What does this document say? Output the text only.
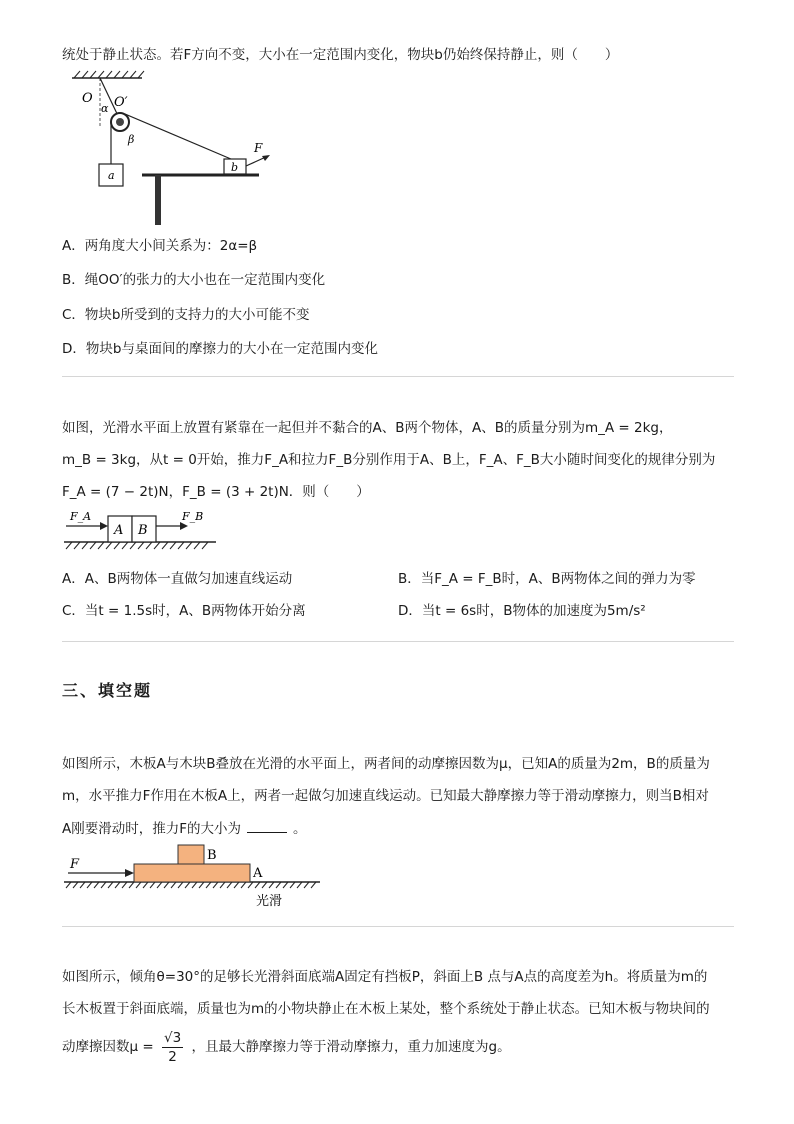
统处于静止状态。若F方向不变，大小在一定范围内变化，物块b仍始终保持静止，则（　　）
O O′
α
β
a
b
F
A．两角度大小间关系为：2α=β
B．绳OO′的张力的大小也在一定范围内变化
C．物块b所受到的支持力的大小可能不变
D．物块b与桌面间的摩擦力的大小在一定范围内变化
如图，光滑水平面上放置有紧靠在一起但并不黏合的A、B两个物体，A、B的质量分别为m_A = 2kg，
m_B = 3kg，从t = 0开始，推力F_A和拉力F_B分别作用于A、B上，F_A、F_B大小随时间变化的规律分别为
F_A = (7 − 2t)N，F_B = (3 + 2t)N．则（　　）
F_A
A B
F_B
A．A、B两物体一直做匀加速直线运动	B．当F_A = F_B时，A、B两物体之间的弹力为零
C．当t = 1.5s时，A、B两物体开始分离	D．当t = 6s时，B物体的加速度为5m/s²
三、填空题
如图所示，木板A与木块B叠放在光滑的水平面上，两者间的动摩擦因数为μ，已知A的质量为2m，B的质量为
m，水平推力F作用在木板A上，两者一起做匀加速直线运动。已知最大静摩擦力等于滑动摩擦力，则当B相对
A刚要滑动时，推力F的大小为	。
F
B
A
光滑
如图所示，倾角θ=30°的足够长光滑斜面底端A固定有挡板P，斜面上B 点与A点的高度差为h。将质量为m的
长木板置于斜面底端，质量也为m的小物块静止在木板上某处，整个系统处于静止状态。已知木板与物块间的
动摩擦因数$\mu = \frac{√3}{2}$ ，且最大静摩擦力等于滑动摩擦力，重力加速度为g。
